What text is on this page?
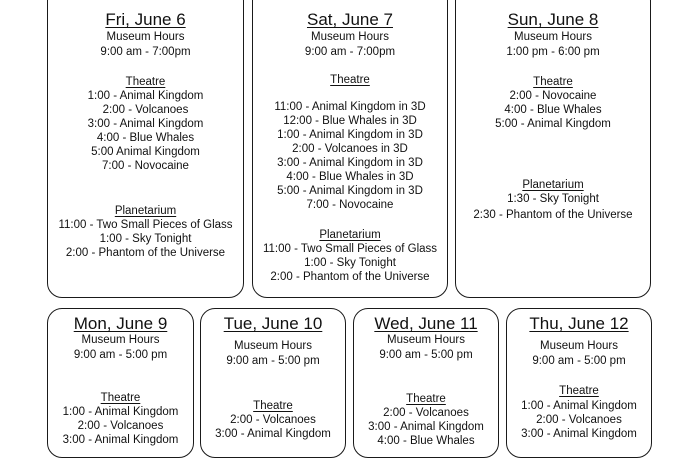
Fri, June 6
Museum Hours
9:00 am - 7:00pm
Theatre
1:00 - Animal Kingdom
2:00 - Volcanoes
3:00 - Animal Kingdom
4:00 - Blue Whales
5:00 Animal Kingdom
7:00 - Novocaine
Planetarium
11:00 - Two Small Pieces of Glass
1:00 - Sky Tonight
2:00 - Phantom of the Universe
Sat, June 7
Museum Hours
9:00 am - 7:00pm
Theatre
11:00 - Animal Kingdom in 3D
12:00 - Blue Whales in 3D
1:00 - Animal Kingdom in 3D
2:00 - Volcanoes in 3D
3:00 - Animal Kingdom in 3D
4:00 - Blue Whales in 3D
5:00 - Animal Kingdom in 3D
7:00 - Novocaine
Planetarium
11:00 - Two Small Pieces of Glass
1:00 - Sky Tonight
2:00 - Phantom of the Universe
Sun, June 8
Museum Hours
1:00 pm - 6:00 pm
Theatre
2:00 - Novocaine
4:00 - Blue Whales
5:00 - Animal Kingdom
Planetarium
1:30 - Sky Tonight
2:30 - Phantom of the Universe
Mon, June 9
Museum Hours
9:00 am - 5:00 pm
Theatre
1:00 - Animal Kingdom
2:00 - Volcanoes
3:00 - Animal Kingdom
Tue, June 10
Museum Hours
9:00 am - 5:00 pm
Theatre
2:00 - Volcanoes
3:00 - Animal Kingdom
Wed, June 11
Museum Hours
9:00 am - 5:00 pm
Theatre
2:00 - Volcanoes
3:00 - Animal Kingdom
4:00 - Blue Whales
Thu, June 12
Museum Hours
9:00 am - 5:00 pm
Theatre
1:00 - Animal Kingdom
2:00 - Volcanoes
3:00 - Animal Kingdom
